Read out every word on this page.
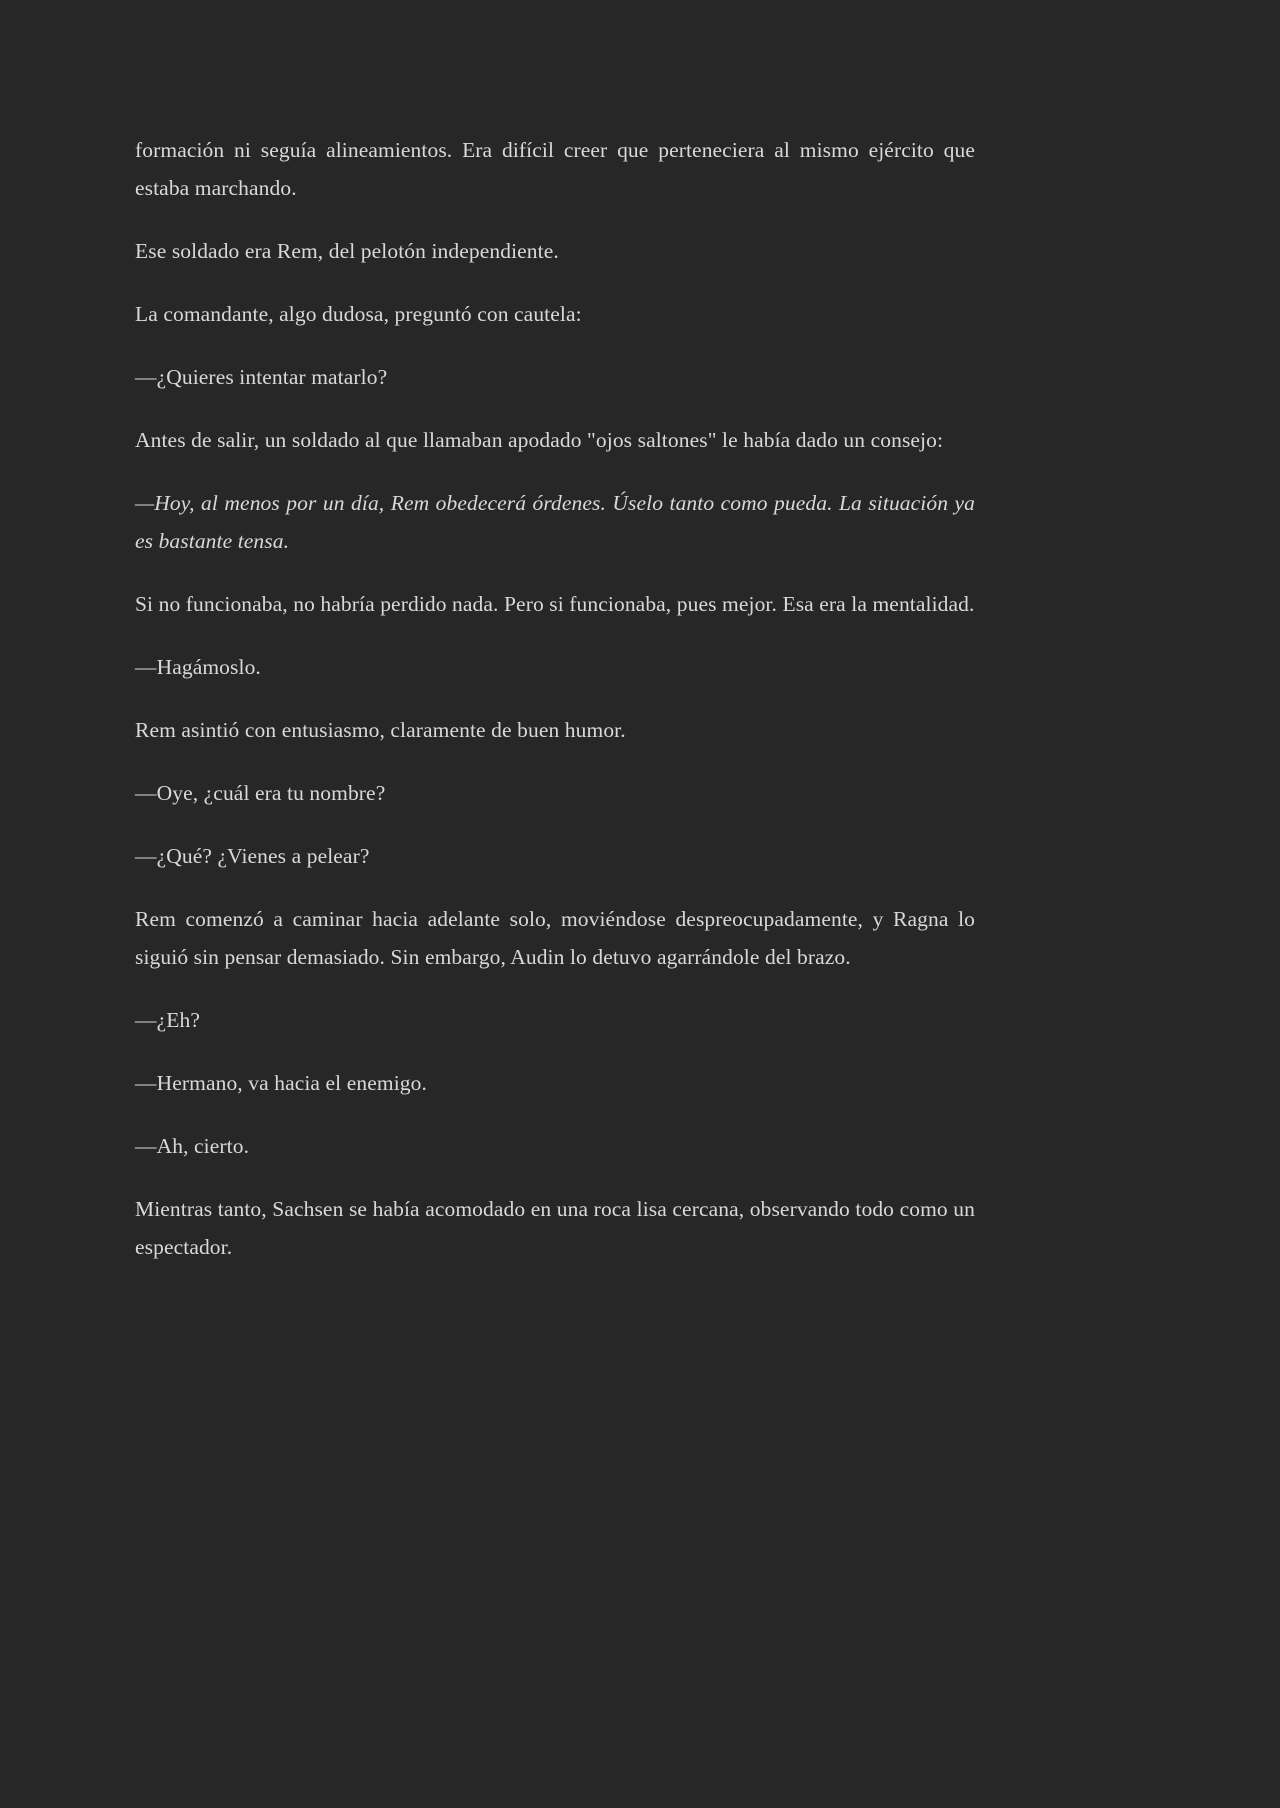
formación ni seguía alineamientos. Era difícil creer que perteneciera al mismo ejército que estaba marchando.

Ese soldado era Rem, del pelotón independiente.

La comandante, algo dudosa, preguntó con cautela:

—¿Quieres intentar matarlo?

Antes de salir, un soldado al que llamaban apodado "ojos saltones" le había dado un consejo:

—Hoy, al menos por un día, Rem obedecerá órdenes. Úselo tanto como pueda. La situación ya es bastante tensa.

Si no funcionaba, no habría perdido nada. Pero si funcionaba, pues mejor. Esa era la mentalidad.

—Hagámoslo.

Rem asintió con entusiasmo, claramente de buen humor.

—Oye, ¿cuál era tu nombre?

—¿Qué? ¿Vienes a pelear?

Rem comenzó a caminar hacia adelante solo, moviéndose despreocupadamente, y Ragna lo siguió sin pensar demasiado. Sin embargo, Audin lo detuvo agarrándole del brazo.

—¿Eh?

—Hermano, va hacia el enemigo.

—Ah, cierto.

Mientras tanto, Sachsen se había acomodado en una roca lisa cercana, observando todo como un espectador.
